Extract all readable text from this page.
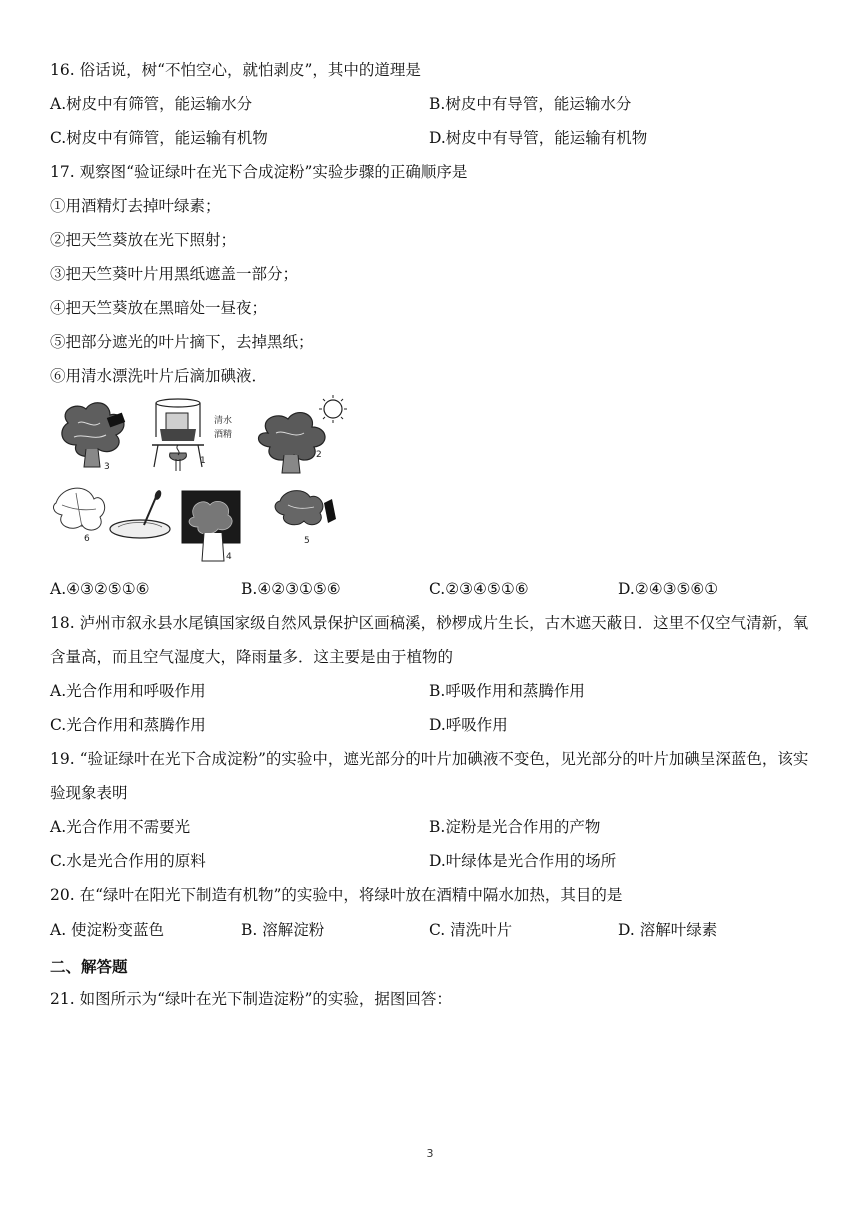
16. 俗话说，树“不怕空心，就怕剥皮”，其中的道理是
A.树皮中有筛管，能运输水分	B.树皮中有导管，能运输水分
C.树皮中有筛管，能运输有机物	D.树皮中有导管，能运输有机物
17. 观察图“验证绿叶在光下合成淀粉”实验步骤的正确顺序是
①用酒精灯去掉叶绿素；
②把天竺葵放在光下照射；
③把天竺葵叶片用黑纸遮盖一部分；
④把天竺葵放在黑暗处一昼夜；
⑤把部分遮光的叶片摘下，去掉黑纸；
⑥用清水漂洗叶片后滴加碘液．
清水
酒精
3
1
2
6
4
5
A.④③②⑤①⑥	B.④②③①⑤⑥	C.②③④⑤①⑥	D.②④③⑤⑥①
18. 泸州市叙永县水尾镇国家级自然风景保护区画稿溪，桫椤成片生长，古木遮天蔽日．这里不仅空气清新，氧含量高，而且空气湿度大，降雨量多．这主要是由于植物的
A.光合作用和呼吸作用	B.呼吸作用和蒸腾作用
C.光合作用和蒸腾作用	D.呼吸作用
19. “验证绿叶在光下合成淀粉”的实验中，遮光部分的叶片加碘液不变色，见光部分的叶片加碘呈深蓝色，该实验现象表明
A.光合作用不需要光	B.淀粉是光合作用的产物
C.水是光合作用的原料	D.叶绿体是光合作用的场所
20. 在“绿叶在阳光下制造有机物”的实验中，将绿叶放在酒精中隔水加热，其目的是
A. 使淀粉变蓝色	B. 溶解淀粉	C. 清洗叶片	D. 溶解叶绿素
二、解答题
21. 如图所示为“绿叶在光下制造淀粉”的实验，据图回答：
3
